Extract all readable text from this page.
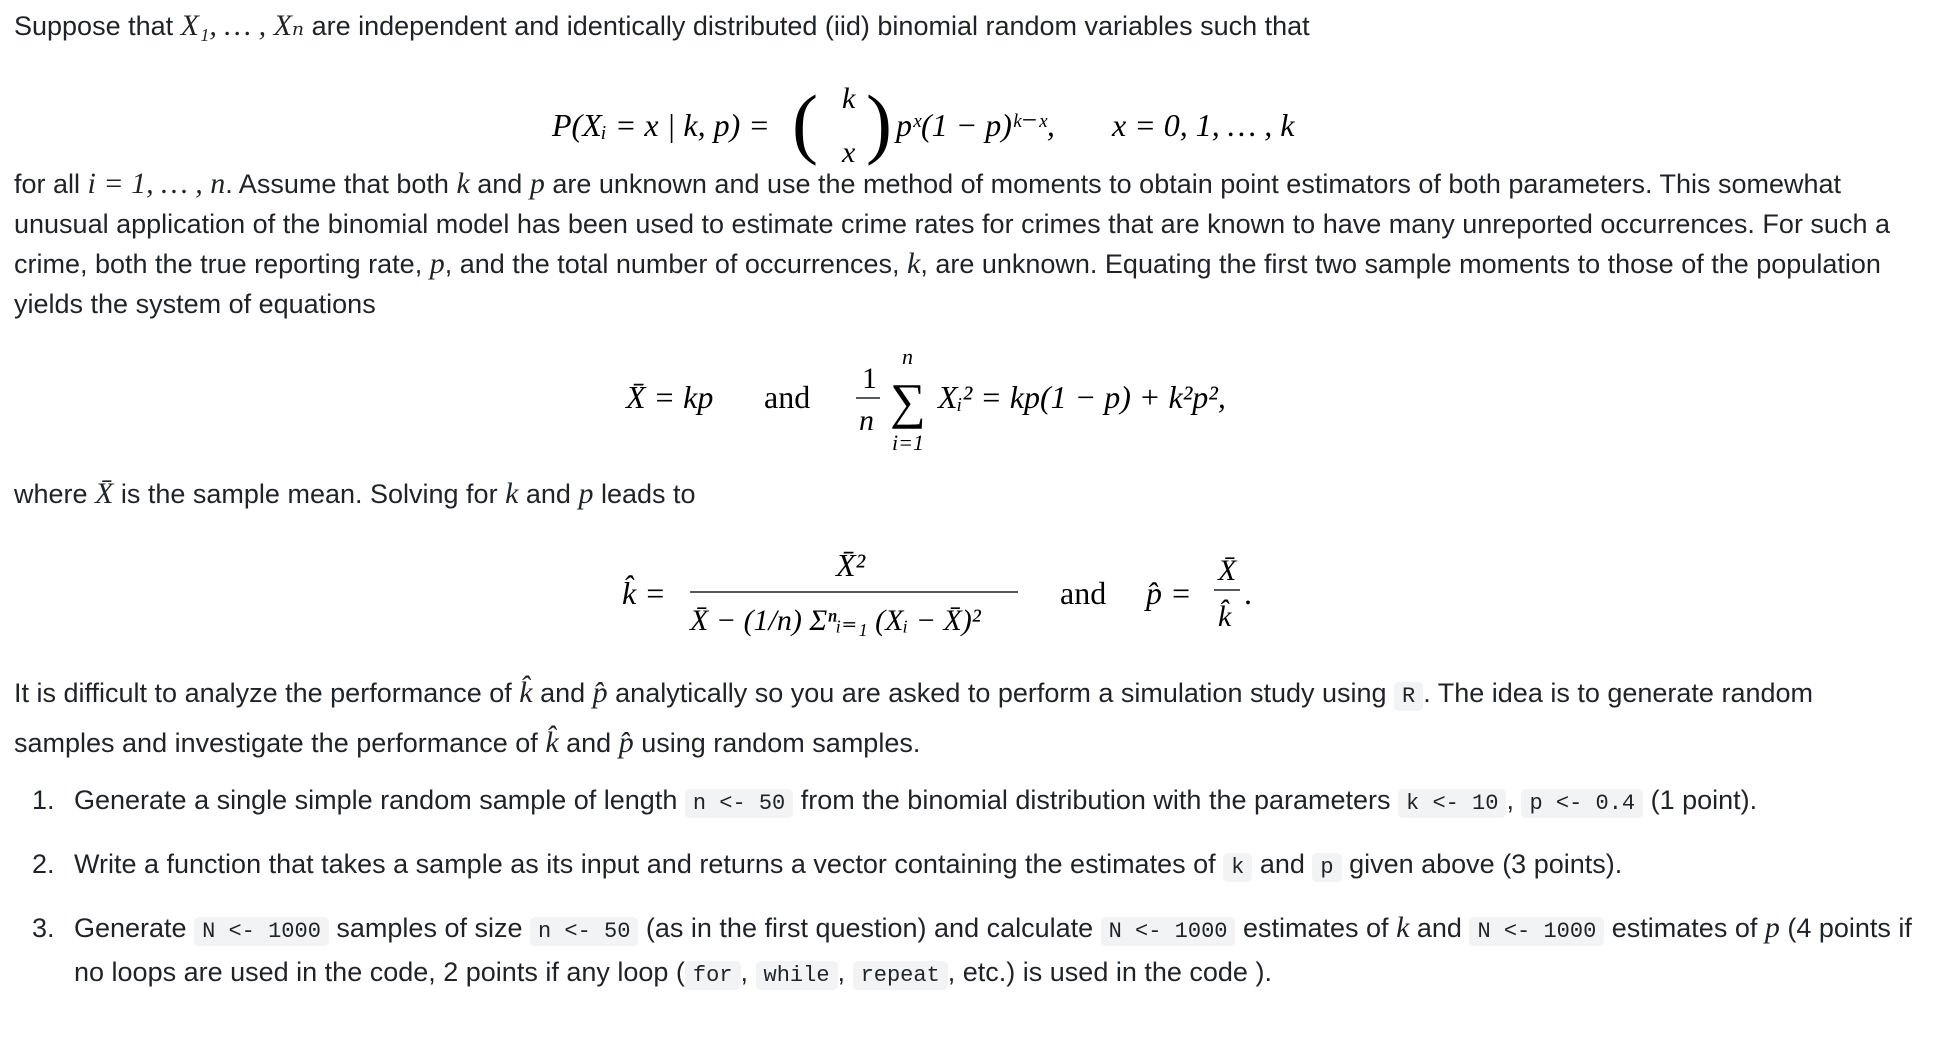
Suppose that X₁, … , Xₙ are independent and identically distributed (iid) binomial random variables such that

P(Xᵢ = x | k, p) = ( k
x ) pˣ(1 − p)ᵏ⁻ˣ, x = 0, 1, … , k

for all i = 1, … , n. Assume that both k and p are unknown and use the method of moments to obtain point estimators of both parameters. This somewhat unusual application of the binomial model has been used to estimate crime rates for crimes that are known to have many unreported occurrences. For such a crime, both the true reporting rate, p, and the total number of occurrences, k, are unknown. Equating the first two sample moments to those of the population yields the system of equations

X̄ = kp and
1
n
n
∑
i=1
Xᵢ² = kp(1 − p) + k²p²,

where X̄ is the sample mean. Solving for k and p leads to

k̂ =
X̄²
X̄ − (1/n) Σⁿᵢ₌₁ (Xᵢ − X̄)²
and p̂ =
X̄
k̂
.

It is difficult to analyze the performance of k̂ and p̂ analytically so you are asked to perform a simulation study using R . The idea is to generate random samples and investigate the performance of k̂ and p̂ using random samples.

1. Generate a single simple random sample of length n <- 50 from the binomial distribution with the parameters k <- 10 , p <- 0.4 (1 point).
2. Write a function that takes a sample as its input and returns a vector containing the estimates of k and p given above (3 points).
3. Generate N <- 1000 samples of size n <- 50 (as in the first question) and calculate N <- 1000 estimates of k and N <- 1000 estimates of p (4 points if no loops are used in the code, 2 points if any loop ( for , while , repeat , etc.) is used in the code ).
